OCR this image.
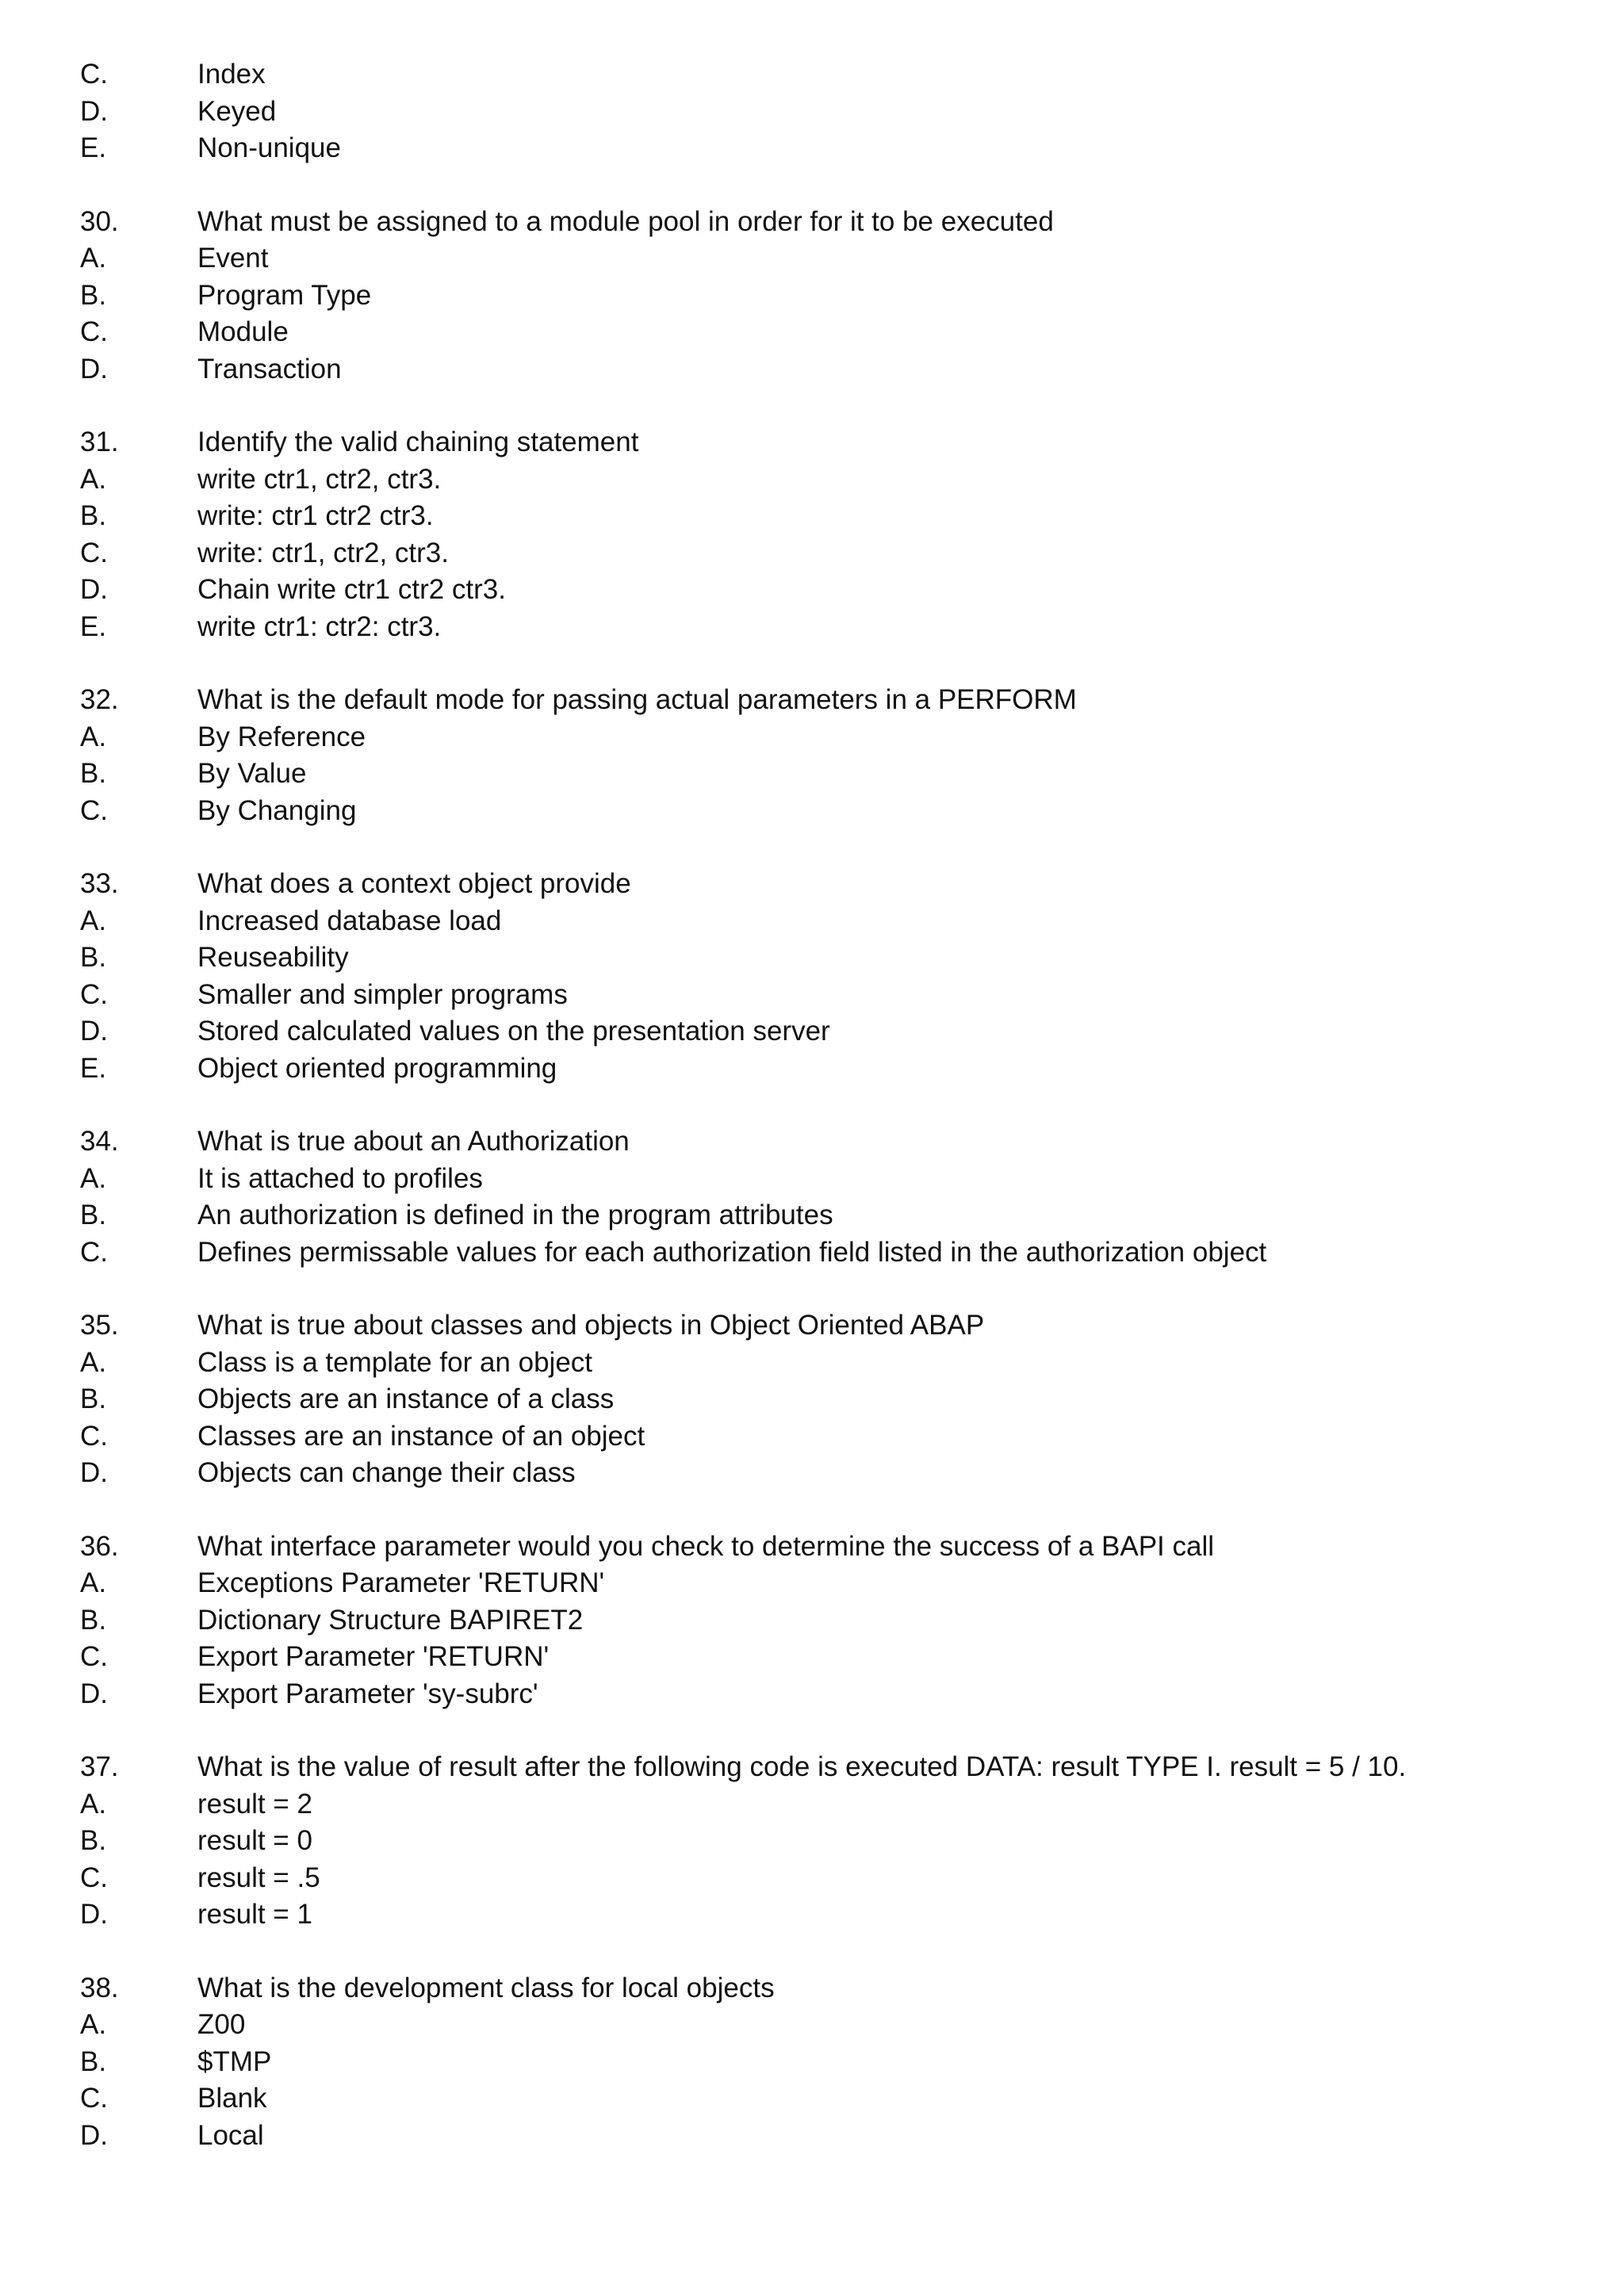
C.	Index
D.	Keyed
E.	Non-unique
30.	What must be assigned to a module pool in order for it to be executed
A.	Event
B.	Program Type
C.	Module
D.	Transaction
31.	Identify the valid chaining statement
A.	write ctr1, ctr2, ctr3.
B.	write: ctr1 ctr2 ctr3.
C.	write: ctr1, ctr2, ctr3.
D.	Chain write ctr1 ctr2 ctr3.
E.	write ctr1: ctr2: ctr3.
32.	What is the default mode for passing actual parameters in a PERFORM
A.	By Reference
B.	By Value
C.	By Changing
33.	What does a context object provide
A.	Increased database load
B.	Reuseability
C.	Smaller and simpler programs
D.	Stored calculated values on the presentation server
E.	Object oriented programming
34.	What is true about an Authorization
A.	It is attached to profiles
B.	An authorization is defined in the program attributes
C.	Defines permissable values for each authorization field listed in the authorization object
35.	What is true about classes and objects in Object Oriented ABAP
A.	Class is a template for an object
B.	Objects are an instance of a class
C.	Classes are an instance of an object
D.	Objects can change their class
36.	What interface parameter would you check to determine the success of a BAPI call
A.	Exceptions Parameter 'RETURN'
B.	Dictionary Structure BAPIRET2
C.	Export Parameter 'RETURN'
D.	Export Parameter 'sy-subrc'
37.	What is the value of result after the following code is executed DATA: result TYPE I. result = 5 / 10.
A.	result = 2
B.	result = 0
C.	result = .5
D.	result = 1
38.	What is the development class for local objects
A.	Z00
B.	$TMP
C.	Blank
D.	Local
